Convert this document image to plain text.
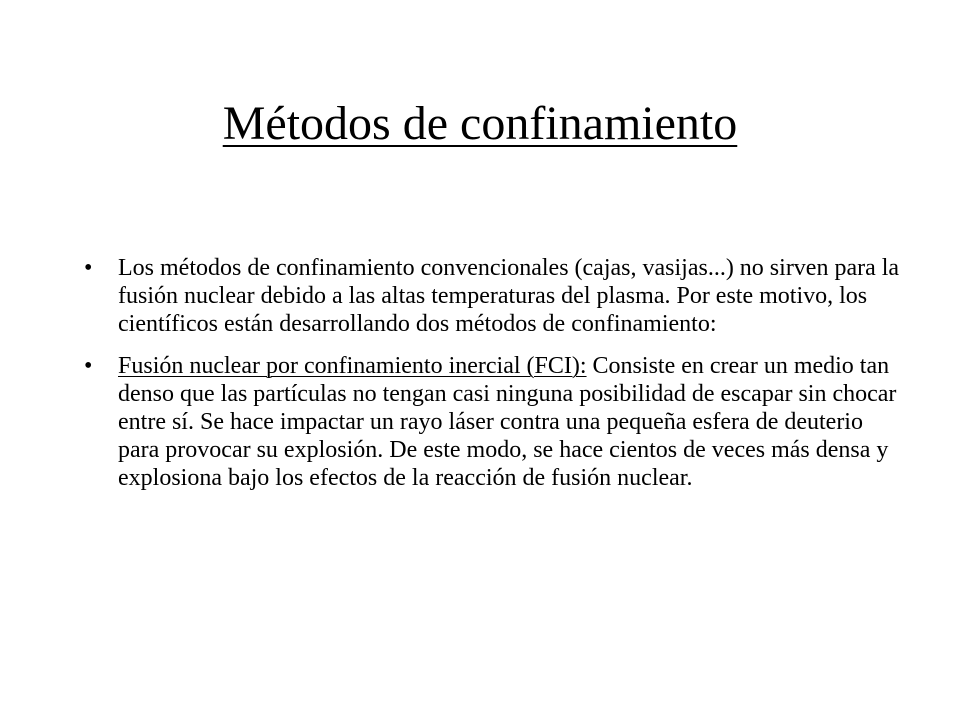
Métodos de confinamiento
•	Los métodos de confinamiento convencionales (cajas, vasijas...) no sirven para la fusión nuclear debido a las altas temperaturas del plasma. Por este motivo, los científicos están desarrollando dos métodos de confinamiento:
•	Fusión nuclear por confinamiento inercial (FCI): Consiste en crear un medio tan denso que las partículas no tengan casi ninguna posibilidad de escapar sin chocar entre sí. Se hace impactar un rayo láser contra una pequeña esfera de deuterio para provocar su explosión. De este modo, se hace cientos de veces más densa y explosiona bajo los efectos de la reacción de fusión nuclear.
